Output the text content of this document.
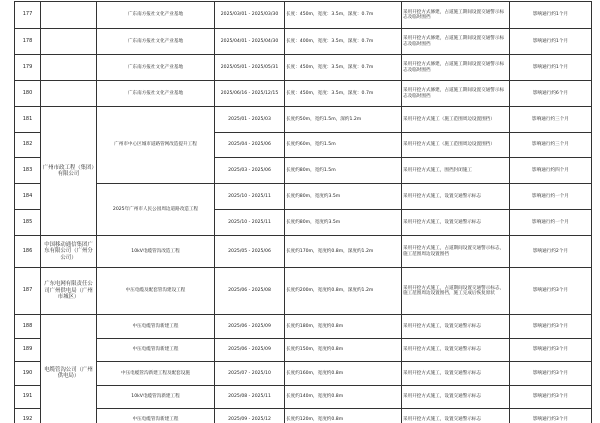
177		广东南方报社文化产业基地	2025/03/01 - 2025/03/30	长度：450m，宽度：3.5m，深度：0.7m	采用开挖方式修建，占道施工期间设置交通警示标志及临时围挡	影响通行约1个月
178		广东南方报社文化产业基地	2025/04/01 - 2025/04/30	长度：400m，宽度：3.5m，深度：0.7m	采用开挖方式修建，占道施工期间设置交通警示标志及临时围挡	影响通行约1个月
179		广东南方报社文化产业基地	2025/05/01 - 2025/05/31	长度：450m，宽度：3.5m，深度：0.7m	采用开挖方式修建，占道施工期间设置交通警示标志及临时围挡	影响通行约1个月
180		广东南方报社文化产业基地	2025/06/16 - 2025/12/15	长度：450m，宽度：3.5m，深度：0.7m	采用开挖方式修建，占道施工期间设置交通警示标志及临时围挡	影响通行约6个月
181	广州市政工程（集团）有限公司	广州市中心区城市道路管网改造提升工程	2025/01 - 2025/03	长度约50m，宽约1.5m，深约1.2m	采用开挖方式施工（施工范围周边设置围挡）	影响通行约三个月
182			2025/04 - 2025/06	长度约60m，宽约1.5m	采用开挖方式施工（施工范围周边设置围挡）	影响通行约三个月
183			2025/03 - 2025/06	长度约80m，宽约1.5m	采用开挖方式施工，围挡封闭施工	影响通行约四个月
184		2025年广州市人民公园周边道路改造工程	2025/10 - 2025/11	长度约80m，宽度约3.5m	采用开挖方式施工，设置交通警示标志	影响通行约一个月
185			2025/10 - 2025/11	长度约80m，宽度约3.5m	采用开挖方式施工，设置交通警示标志	影响通行约一个月
186	中国移动通信集团广东有限公司（广州分公司）	10kV电缆管沟改造工程	2025/05 - 2025/06	长度约170m，宽度约0.8m，深度约1.2m	采用开挖方式施工，占道期间设置交通警示标志，施工范围周边设置围挡	影响通行约2个月
187	广东电网有限责任公司广州供电局（广州市城区）	中压电缆及配套管沟建设工程	2025/06 - 2025/08	长度约200m，宽度约0.8m，深度约1.2m	采用开挖方式施工，占道期间设置交通警示标志，施工范围周边设置围挡，施工完成后恢复原状	影响通行约3个月
188	电缆管沟公司（广州供电局）	中压电缆管沟新建工程	2025/06 - 2025/09	长度约180m，宽度约0.8m	采用开挖方式施工，设置交通警示标志	影响通行约3个月
189		中压电缆管沟新建工程	2025/06 - 2025/09	长度约150m，宽度约0.8m	采用开挖方式施工，设置交通警示标志	影响通行约3个月
190		中压电缆管沟新建工程及配套设施	2025/07 - 2025/10	长度约160m，宽度约0.8m	采用开挖方式施工，设置交通警示标志	影响通行约3个月
191		10kV电缆管沟新建工程	2025/08 - 2025/11	长度约140m，宽度约0.8m	采用开挖方式施工，设置交通警示标志	影响通行约3个月
192		中压电缆管沟新建工程	2025/09 - 2025/12	长度约120m，宽度约0.8m	采用开挖方式施工，设置交通警示标志	影响通行约3个月
